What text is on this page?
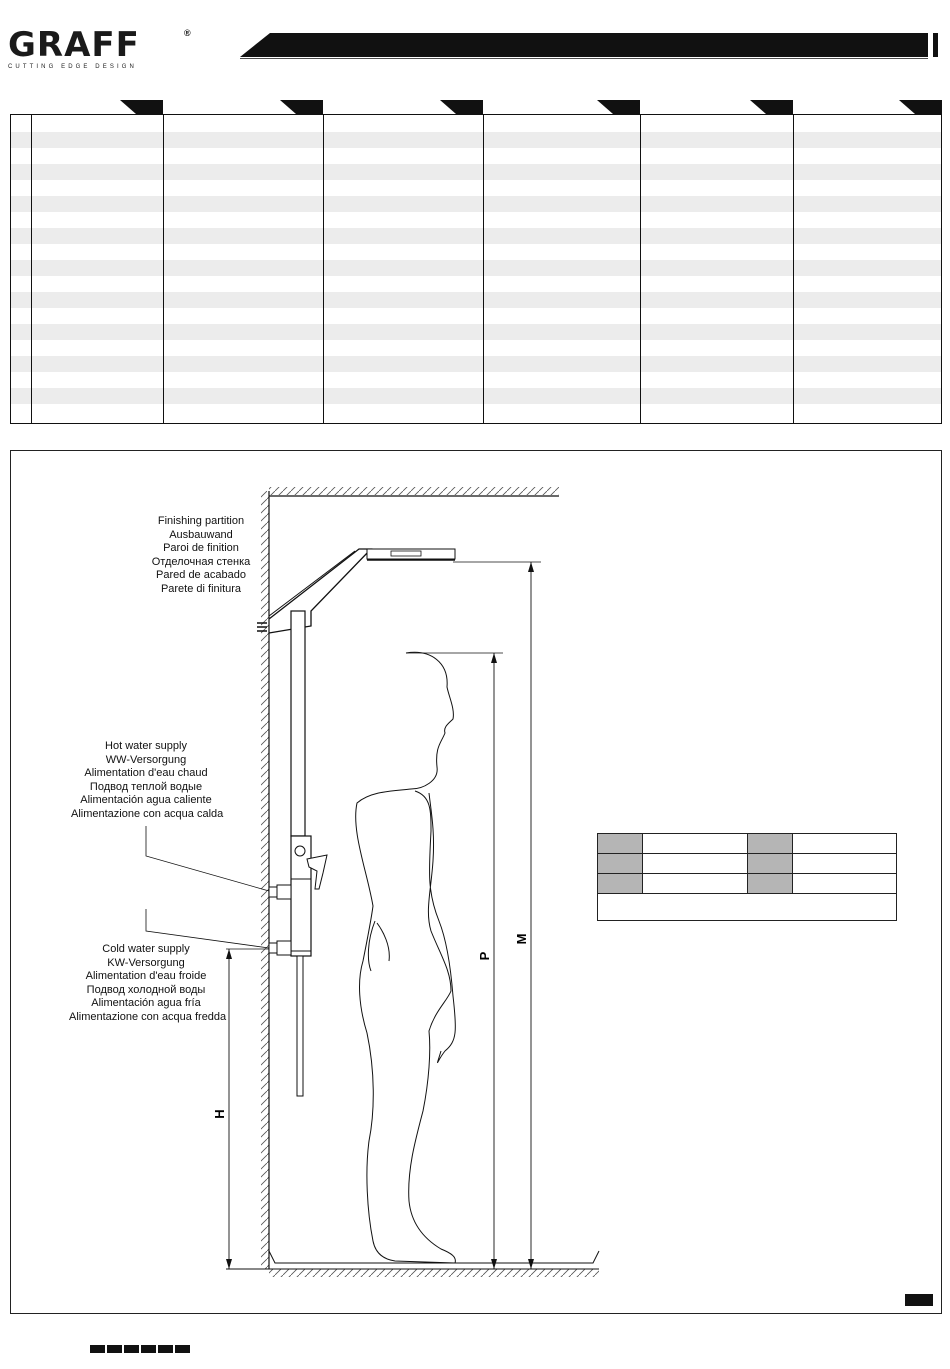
GRAFF	®
CUTTING EDGE DESIGN
M
P
H
Finishing partition
Ausbauwand
Paroi de finition
Отделочная стенка
Pared de acabado
Parete di finitura
Hot water supply
WW-Versorgung
Alimentation d'eau chaud
Подвод теплой водые
Alimentación agua caliente
Alimentazione con acqua calda
Cold water supply
KW-Versorgung
Alimentation d'eau froide
Подвод холодной воды
Alimentación agua fría
Alimentazione con acqua fredda
